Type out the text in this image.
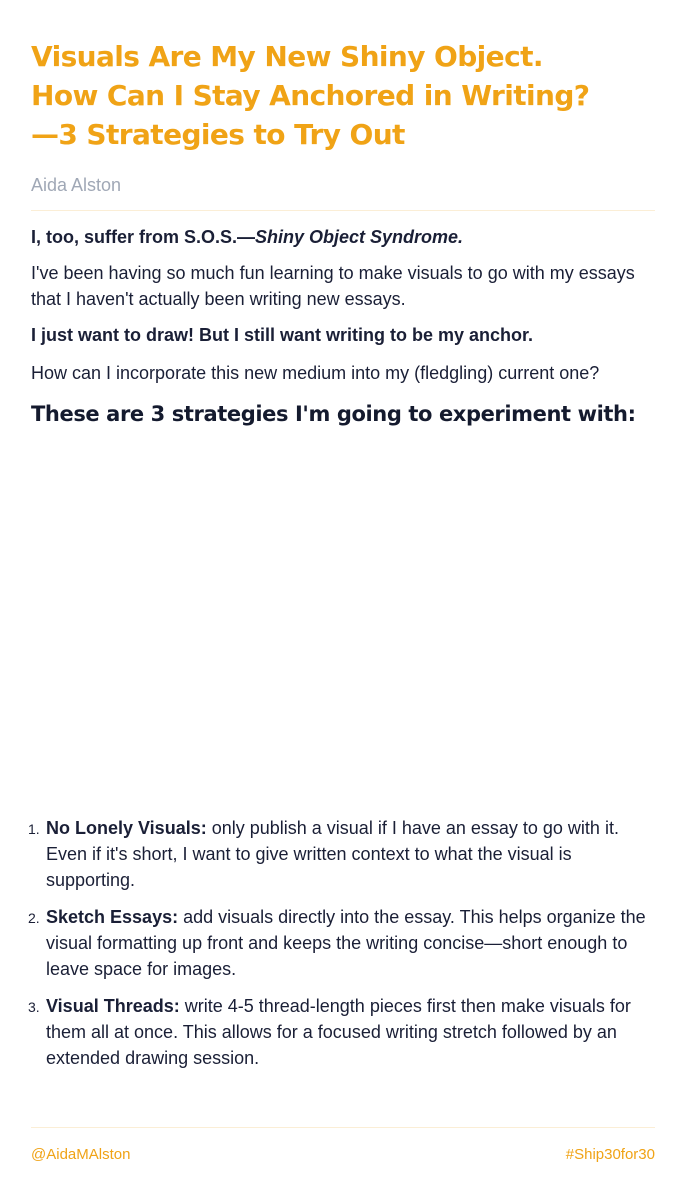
Visuals Are My New Shiny Object.
How Can I Stay Anchored in Writing?
—3 Strategies to Try Out
Aida Alston

I, too, suffer from S.O.S.—Shiny Object Syndrome.

I've been having so much fun learning to make visuals to go with my essays that I haven't actually been writing new essays.

I just want to draw! But I still want writing to be my anchor.

How can I incorporate this new medium into my (fledgling) current one?

These are 3 strategies I'm going to experiment with:
1. No Lonely Visuals: only publish a visual if I have an essay to go with it. Even if it's short, I want to give written context to what the visual is supporting.
2. Sketch Essays: add visuals directly into the essay. This helps organize the visual formatting up front and keeps the writing concise—short enough to leave space for images.
3. Visual Threads: write 4-5 thread-length pieces first then make visuals for them all at once. This allows for a focused writing stretch followed by an extended drawing session.
@AidaMAlston	#Ship30for30
